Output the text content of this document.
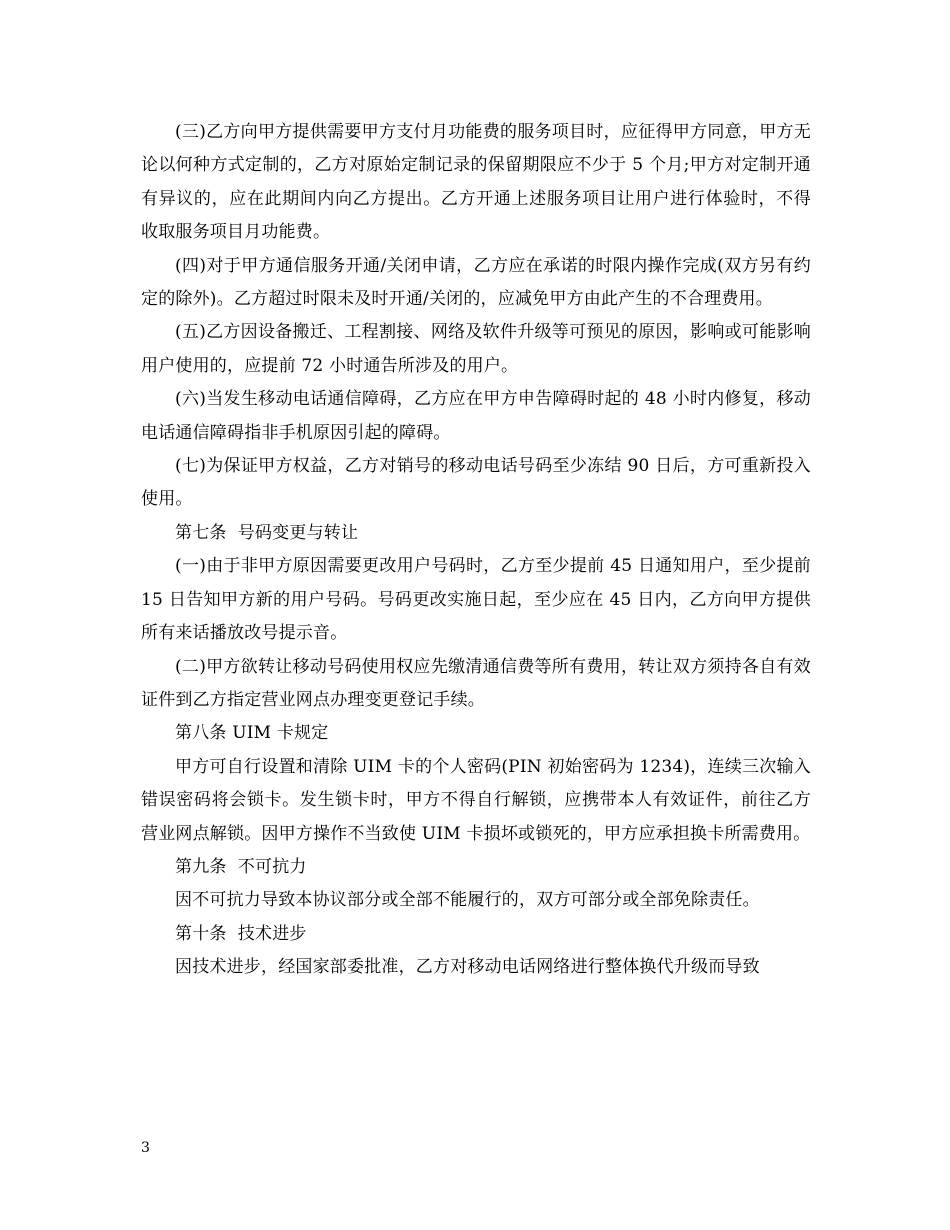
(三)乙方向甲方提供需要甲方支付月功能费的服务项目时，应征得甲方同意，甲方无论以何种方式定制的，乙方对原始定制记录的保留期限应不少于 5 个月;甲方对定制开通有异议的，应在此期间内向乙方提出。乙方开通上述服务项目让用户进行体验时，不得收取服务项目月功能费。

(四)对于甲方通信服务开通/关闭申请，乙方应在承诺的时限内操作完成(双方另有约定的除外)。乙方超过时限未及时开通/关闭的，应减免甲方由此产生的不合理费用。

(五)乙方因设备搬迁、工程割接、网络及软件升级等可预见的原因，影响或可能影响用户使用的，应提前 72 小时通告所涉及的用户。

(六)当发生移动电话通信障碍，乙方应在甲方申告障碍时起的 48 小时内修复，移动电话通信障碍指非手机原因引起的障碍。

(七)为保证甲方权益，乙方对销号的移动电话号码至少冻结 90 日后，方可重新投入使用。

第七条  号码变更与转让

(一)由于非甲方原因需要更改用户号码时，乙方至少提前 45 日通知用户，至少提前 15 日告知甲方新的用户号码。号码更改实施日起，至少应在 45 日内，乙方向甲方提供所有来话播放改号提示音。

(二)甲方欲转让移动号码使用权应先缴清通信费等所有费用，转让双方须持各自有效证件到乙方指定营业网点办理变更登记手续。

第八条 UIM 卡规定

甲方可自行设置和清除 UIM 卡的个人密码(PIN 初始密码为 1234)，连续三次输入错误密码将会锁卡。发生锁卡时，甲方不得自行解锁，应携带本人有效证件，前往乙方营业网点解锁。因甲方操作不当致使 UIM 卡损坏或锁死的，甲方应承担换卡所需费用。

第九条  不可抗力

因不可抗力导致本协议部分或全部不能履行的，双方可部分或全部免除责任。

第十条  技术进步

因技术进步，经国家部委批准，乙方对移动电话网络进行整体换代升级而导致

3
